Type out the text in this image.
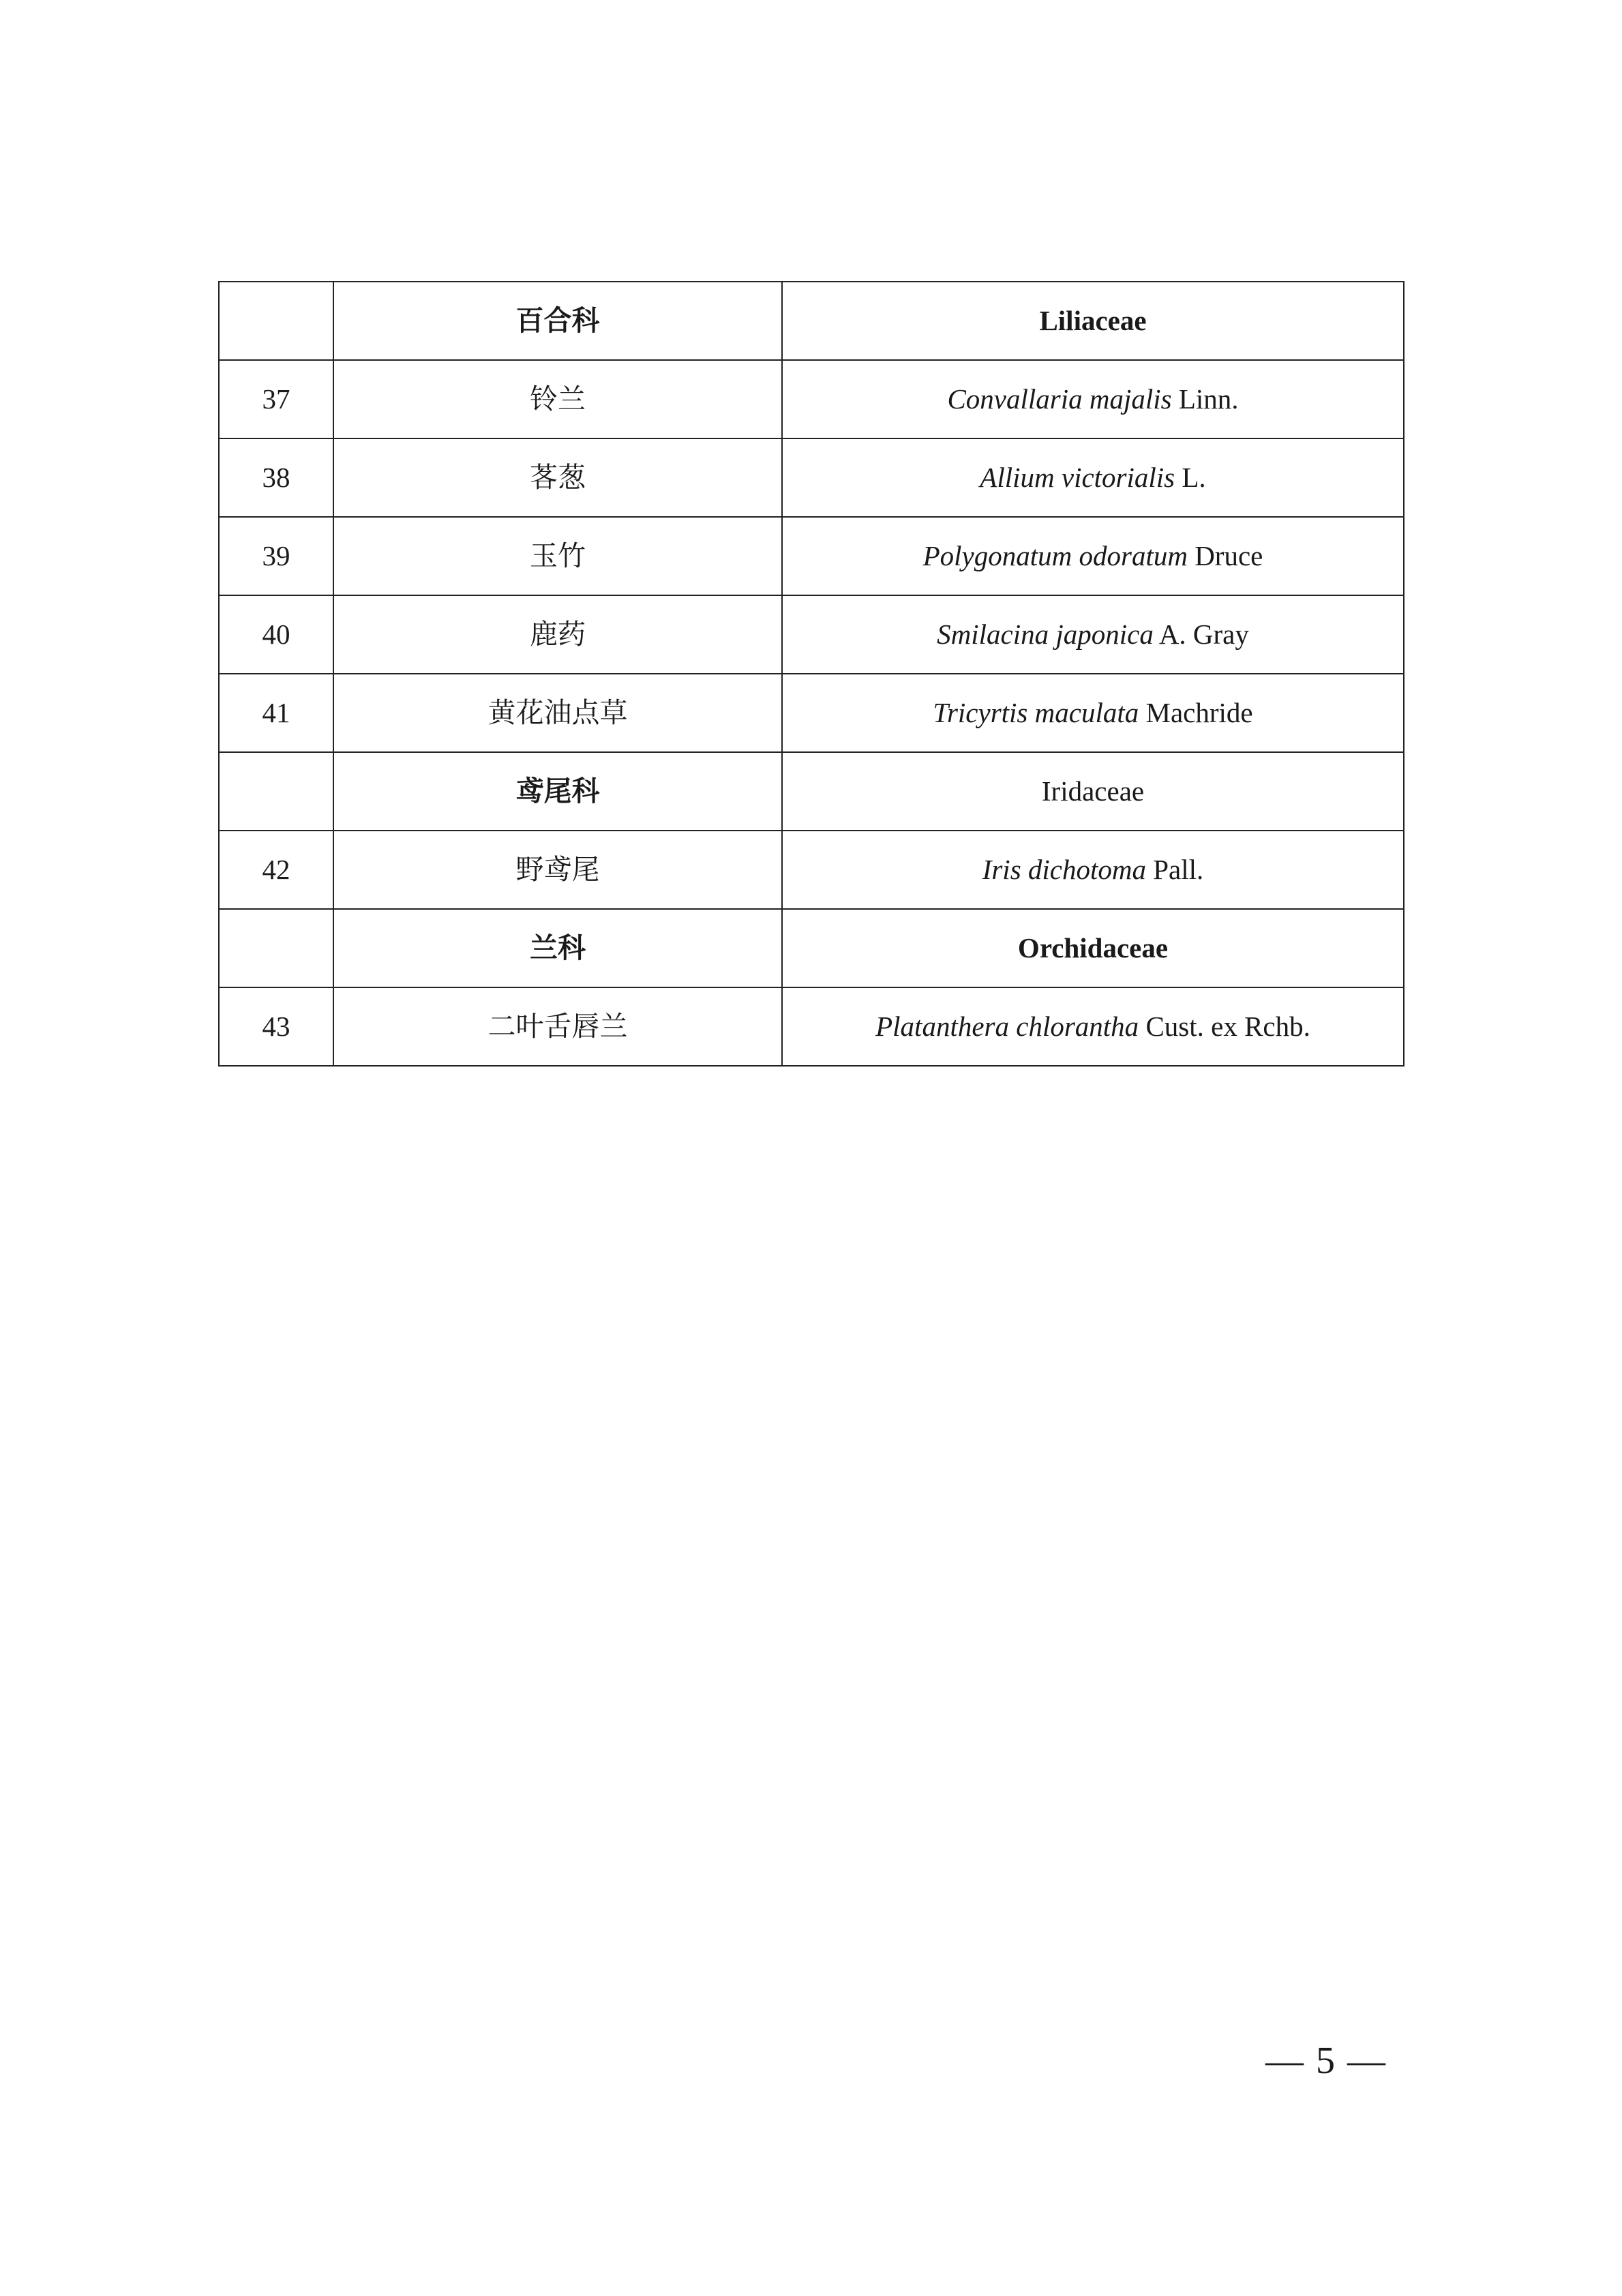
	百合科	Liliaceae
37	铃兰	Convallaria majalis Linn.
38	茖葱	Allium victorialis L.
39	玉竹	Polygonatum odoratum Druce
40	鹿药	Smilacina japonica A. Gray
41	黄花油点草	Tricyrtis maculata Machride
	鸢尾科	Iridaceae
42	野鸢尾	Iris dichotoma Pall.
	兰科	Orchidaceae
43	二叶舌唇兰	Platanthera chlorantha Cust. ex Rchb.
— 5 —
